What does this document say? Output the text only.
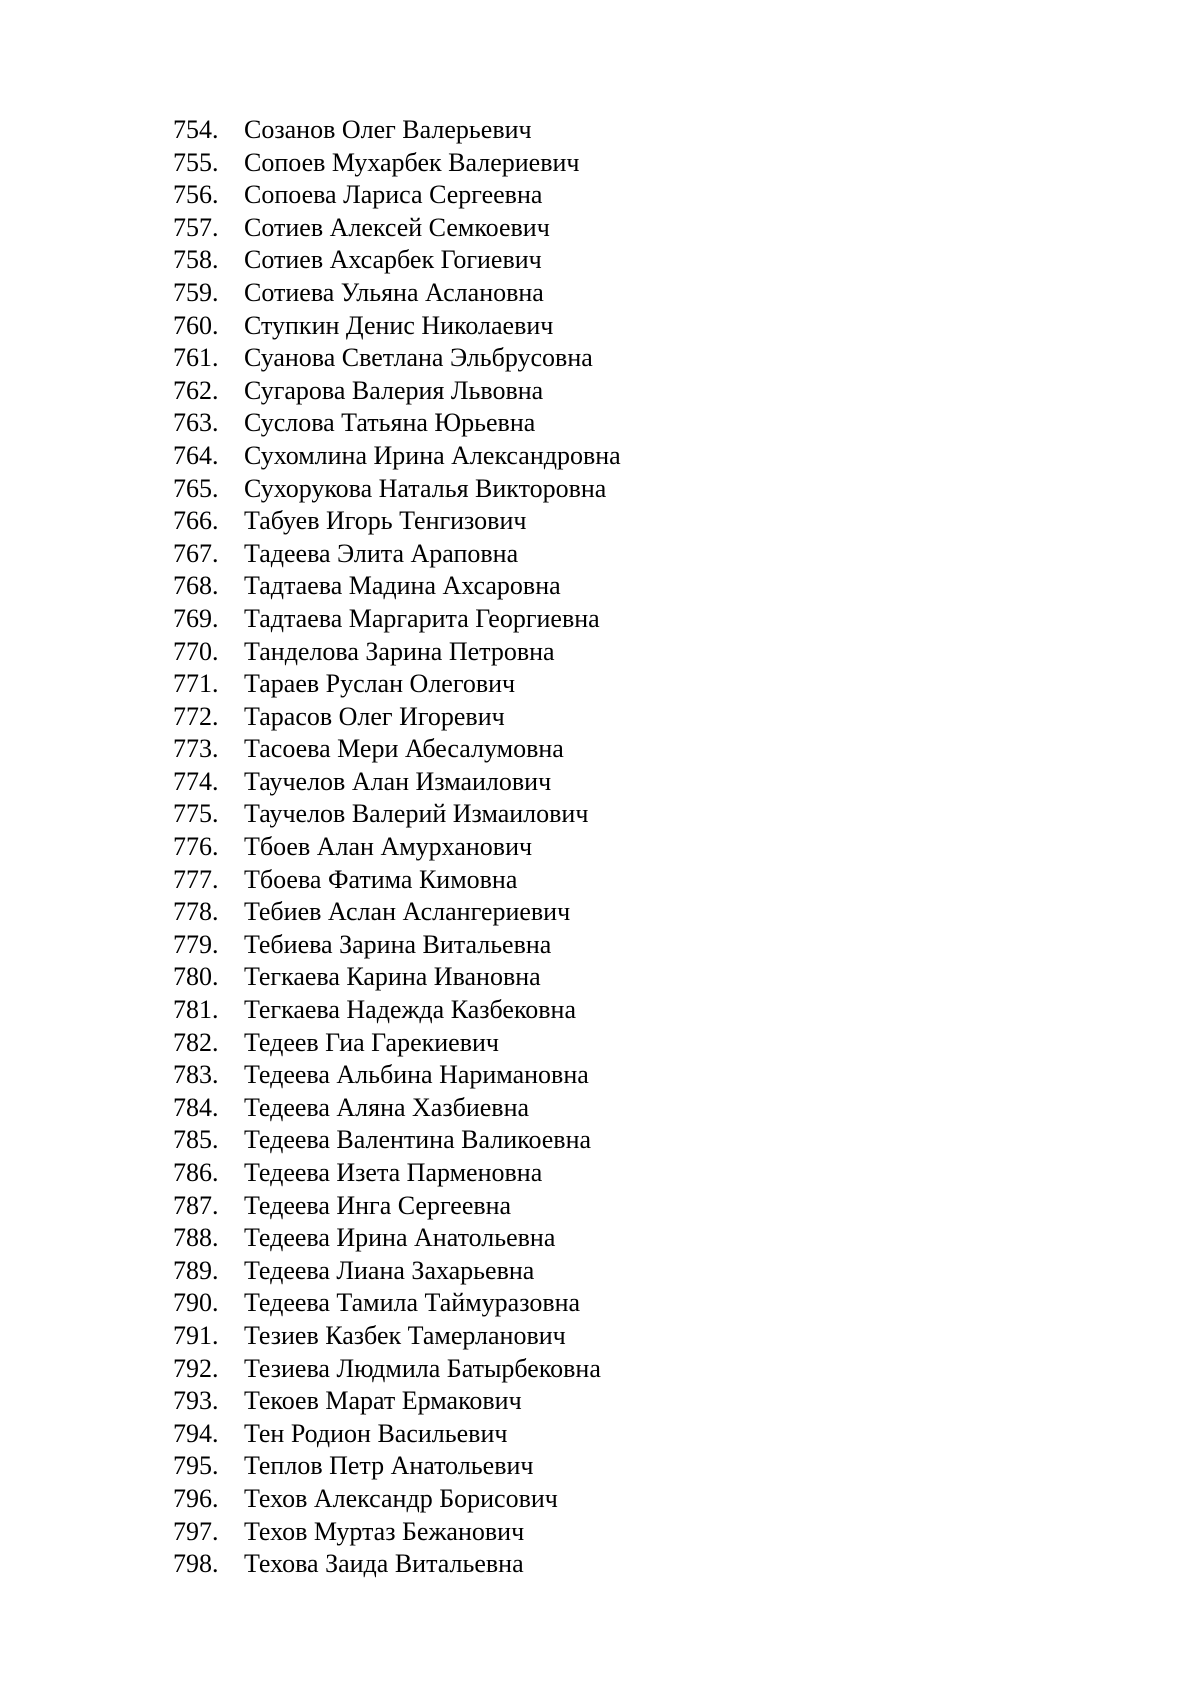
754. Созанов Олег Валерьевич
755. Сопоев Мухарбек Валериевич
756. Сопоева Лариса Сергеевна
757. Сотиев Алексей Семкоевич
758. Сотиев Ахсарбек Гогиевич
759. Сотиева Ульяна Аслановна
760. Ступкин Денис Николаевич
761. Суанова Светлана Эльбрусовна
762. Сугарова Валерия Львовна
763. Суслова Татьяна Юрьевна
764. Сухомлина Ирина Александровна
765. Сухорукова Наталья Викторовна
766. Табуев Игорь Тенгизович
767. Тадеева Элита Араповна
768. Тадтаева Мадина Ахсаровна
769. Тадтаева Маргарита Георгиевна
770. Танделова Зарина Петровна
771. Тараев Руслан Олегович
772. Тарасов Олег Игоревич
773. Тасоева Мери Абесалумовна
774. Таучелов Алан Измаилович
775. Таучелов Валерий Измаилович
776. Тбоев Алан Амурханович
777. Тбоева Фатима Кимовна
778. Тебиев Аслан Аслангериевич
779. Тебиева Зарина Витальевна
780. Тегкаева Карина Ивановна
781. Тегкаева Надежда Казбековна
782. Тедеев Гиа Гарекиевич
783. Тедеева Альбина Наримановна
784. Тедеева Аляна Хазбиевна
785. Тедеева Валентина Валикоевна
786. Тедеева Изета Парменовна
787. Тедеева Инга Сергеевна
788. Тедеева Ирина Анатольевна
789. Тедеева Лиана Захарьевна
790. Тедеева Тамила Таймуразовна
791. Тезиев Казбек Тамерланович
792. Тезиева Людмила Батырбековна
793. Текоев Марат Ермакович
794. Тен Родион Васильевич
795. Теплов Петр Анатольевич
796. Техов Александр Борисович
797. Техов Муртаз Бежанович
798. Техова Заида Витальевна
